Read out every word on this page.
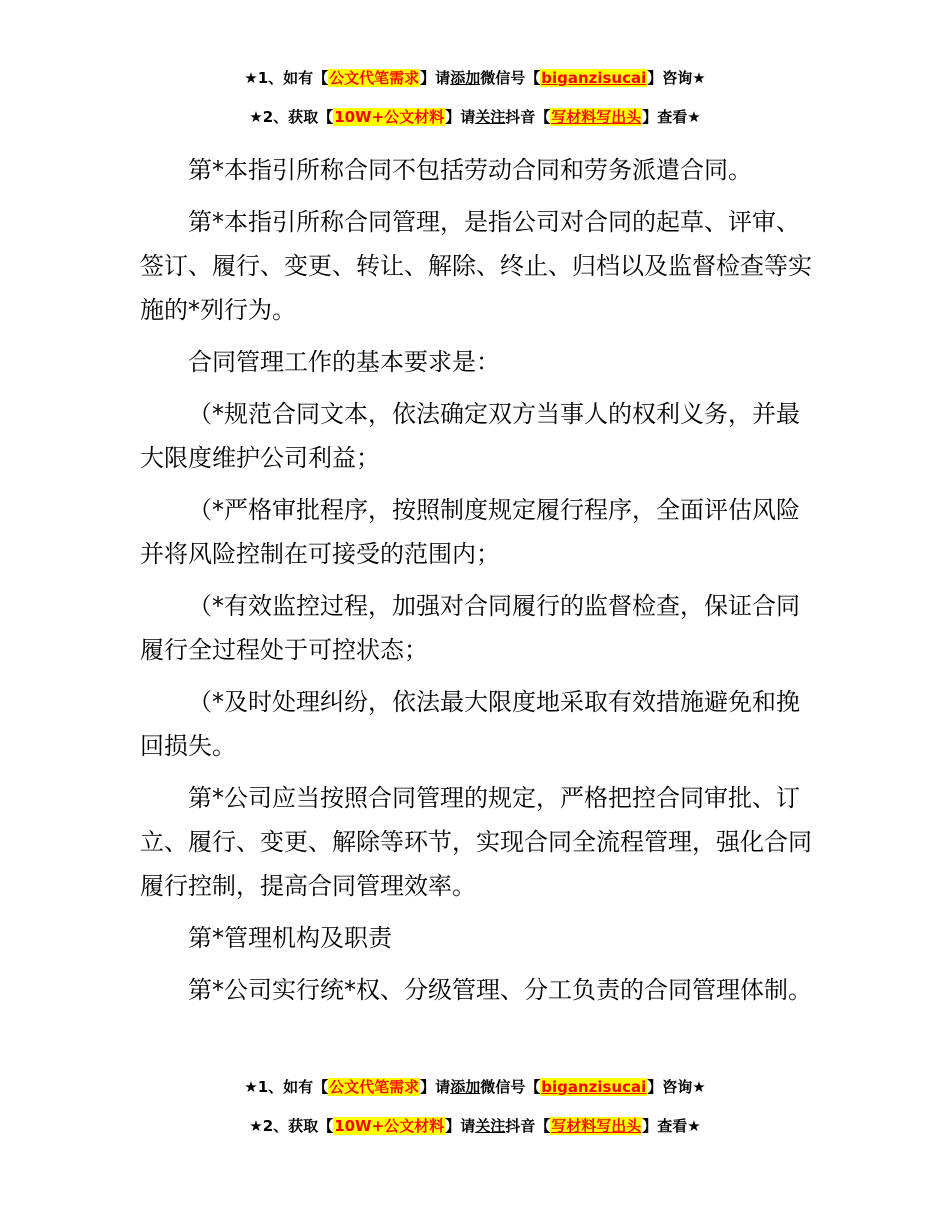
★1、如有【公文代笔需求】请添加微信号【biganzisucai】咨询★
★2、获取【10W+公文材料】请关注抖音【写材料写出头】查看★

第*本指引所称合同不包括劳动合同和劳务派遣合同。

第*本指引所称合同管理，是指公司对合同的起草、评审、签订、履行、变更、转让、解除、终止、归档以及监督检查等实施的*列行为。

合同管理工作的基本要求是：

（*规范合同文本，依法确定双方当事人的权利义务，并最大限度维护公司利益；

（*严格审批程序，按照制度规定履行程序，全面评估风险并将风险控制在可接受的范围内；

（*有效监控过程，加强对合同履行的监督检查，保证合同履行全过程处于可控状态；

（*及时处理纠纷，依法最大限度地采取有效措施避免和挽回损失。

第*公司应当按照合同管理的规定，严格把控合同审批、订立、履行、变更、解除等环节，实现合同全流程管理，强化合同履行控制，提高合同管理效率。

第*管理机构及职责

第*公司实行统*权、分级管理、分工负责的合同管理体制。

★1、如有【公文代笔需求】请添加微信号【biganzisucai】咨询★
★2、获取【10W+公文材料】请关注抖音【写材料写出头】查看★
